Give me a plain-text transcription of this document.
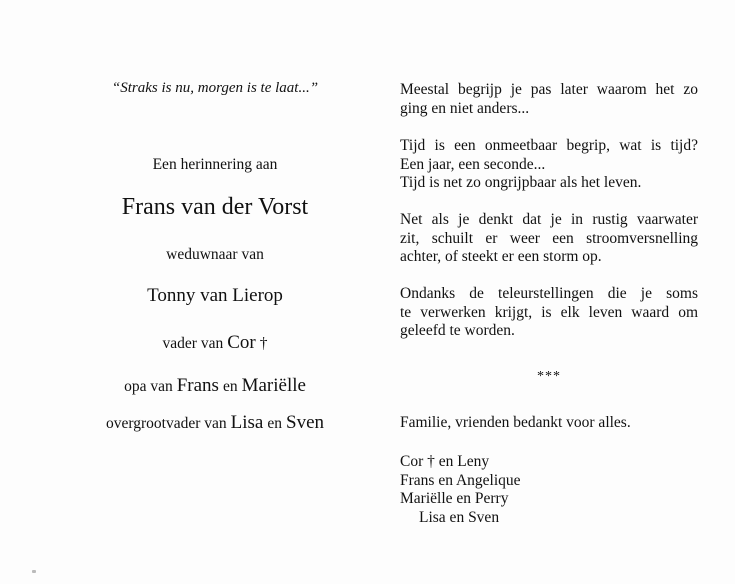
“Straks is nu, morgen is te laat...”
Een herinnering aan
Frans van der Vorst
weduwnaar van
Tonny van Lierop
vader van Cor †
opa van Frans en Mariëlle
overgrootvader van Lisa en Sven
Meestal begrijp je pas later waarom het zo
ging en niet anders...
Tijd is een onmeetbaar begrip, wat is tijd?
Een jaar, een seconde...
Tijd is net zo ongrijpbaar als het leven.
Net als je denkt dat je in rustig vaarwater
zit, schuilt er weer een stroomversnelling
achter, of steekt er een storm op.
Ondanks de teleurstellingen die je soms
te verwerken krijgt, is elk leven waard om
geleefd te worden.
***
Familie, vrienden bedankt voor alles.
Cor † en Leny
Frans en Angelique
Mariëlle en Perry
Lisa en Sven
